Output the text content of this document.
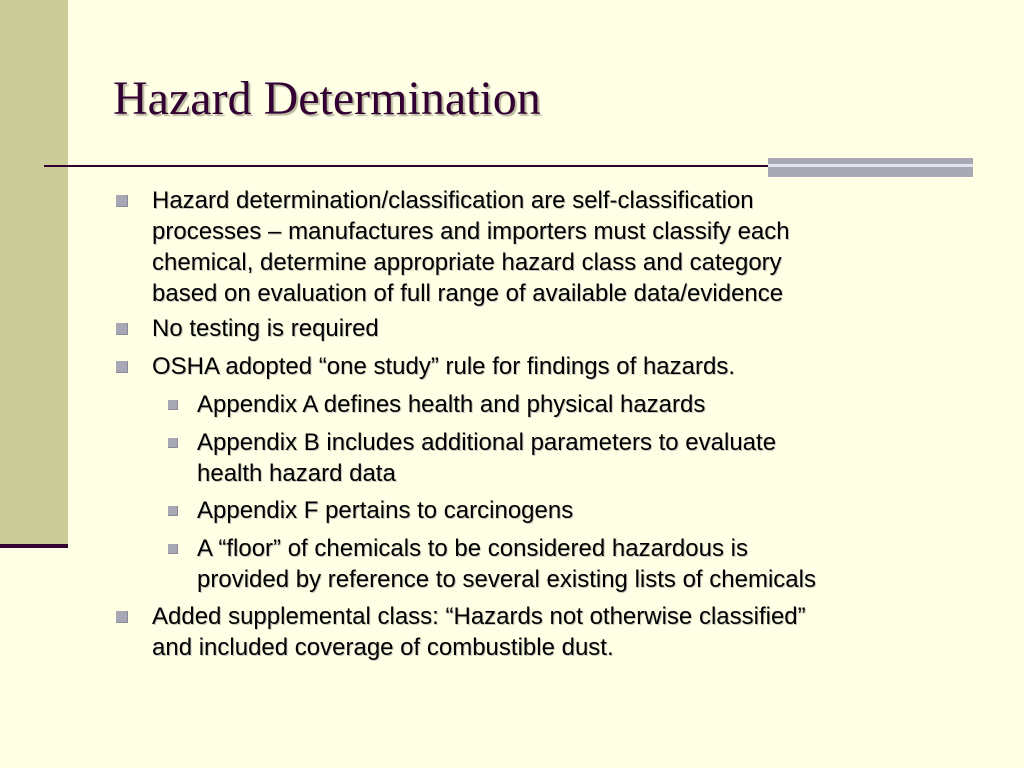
Hazard Determination
Hazard determination/classification are self-classification
processes – manufactures and importers must classify each
chemical, determine appropriate hazard class and category
based on evaluation of full range of available data/evidence
No testing is required
OSHA adopted “one study” rule for findings of hazards.
Appendix A defines health and physical hazards
Appendix B includes additional parameters to evaluate
health hazard data
Appendix F pertains to carcinogens
A “floor” of chemicals to be considered hazardous is
provided by reference to several existing lists of chemicals
Added supplemental class: “Hazards not otherwise classified”
and included coverage of combustible dust.
